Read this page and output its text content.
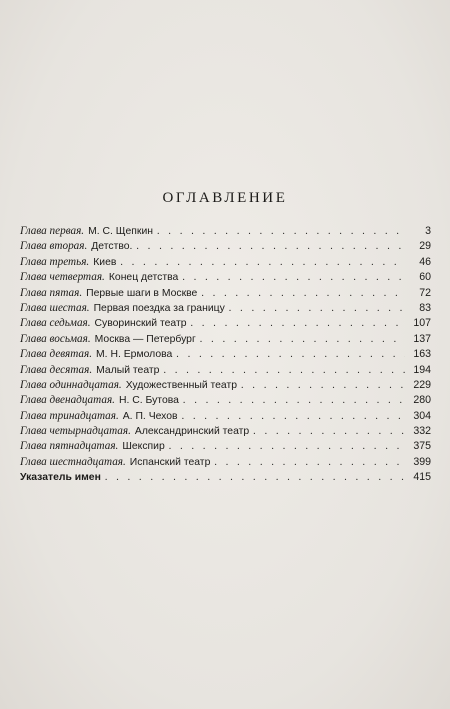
ОГЛАВЛЕНИЕ
Глава первая. М. С. Щепкин . . .	3
Глава вторая. Детство. . . .	29
Глава третья. Киев . . .	46
Глава четвертая. Конец детства . . .	60
Глава пятая. Первые шаги в Москве . . .	72
Глава шестая. Первая поездка за границу . . .	83
Глава седьмая. Суворинский театр . . .	107
Глава восьмая. Москва — Петербург . . .	137
Глава девятая. М. Н. Ермолова . . .	163
Глава десятая. Малый театр . . .	194
Глава одиннадцатая. Художественный театр . . .	229
Глава двенадцатая. Н. С. Бутова . . .	280
Глава тринадцатая. А. П. Чехов . . .	304
Глава четырнадцатая. Александринский театр . . .	332
Глава пятнадцатая. Шекспир . . .	375
Глава шестнадцатая. Испанский театр . . .	399
Указатель имен . . .	415
